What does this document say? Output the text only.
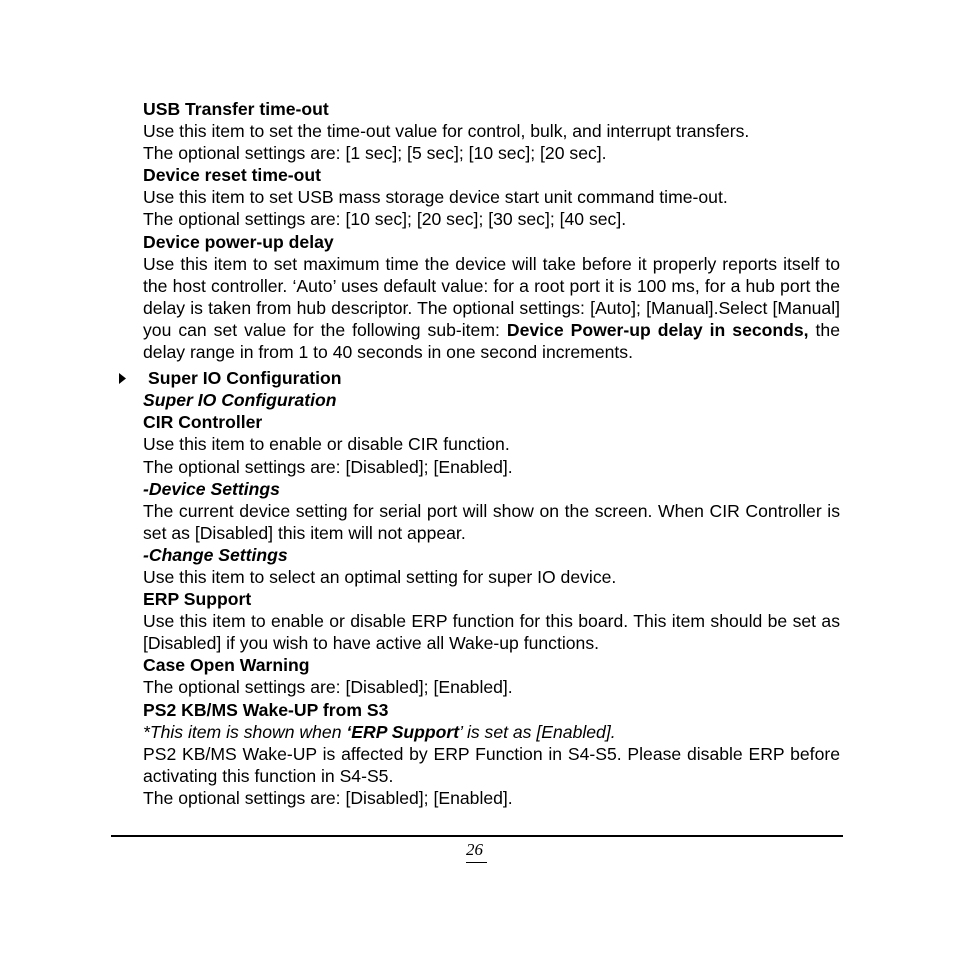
USB Transfer time-out
Use this item to set the time-out value for control, bulk, and interrupt transfers.
The optional settings are: [1 sec]; [5 sec]; [10 sec]; [20 sec].
Device reset time-out
Use this item to set USB mass storage device start unit command time-out.
The optional settings are: [10 sec]; [20 sec]; [30 sec]; [40 sec].
Device power-up delay
Use this item to set maximum time the device will take before it properly reports itself to the host controller. ‘Auto’ uses default value: for a root port it is 100 ms, for a hub port the delay is taken from hub descriptor. The optional settings: [Auto]; [Manual].Select [Manual] you can set value for the following sub-item: Device Power-up delay in seconds, the delay range in from 1 to 40 seconds in one second increments.
Super IO Configuration
Super IO Configuration
CIR Controller
Use this item to enable or disable CIR function.
The optional settings are: [Disabled]; [Enabled].
-Device Settings
The current device setting for serial port will show on the screen. When CIR Controller is set as [Disabled] this item will not appear.
-Change Settings
Use this item to select an optimal setting for super IO device.
ERP Support
Use this item to enable or disable ERP function for this board. This item should be set as [Disabled] if you wish to have active all Wake-up functions.
Case Open Warning
The optional settings are: [Disabled]; [Enabled].
PS2 KB/MS Wake-UP from S3
*This item is shown when ‘ERP Support’ is set as [Enabled].
PS2 KB/MS Wake-UP is affected by ERP Function in S4-S5. Please disable ERP before activating this function in S4-S5.
The optional settings are: [Disabled]; [Enabled].
26
